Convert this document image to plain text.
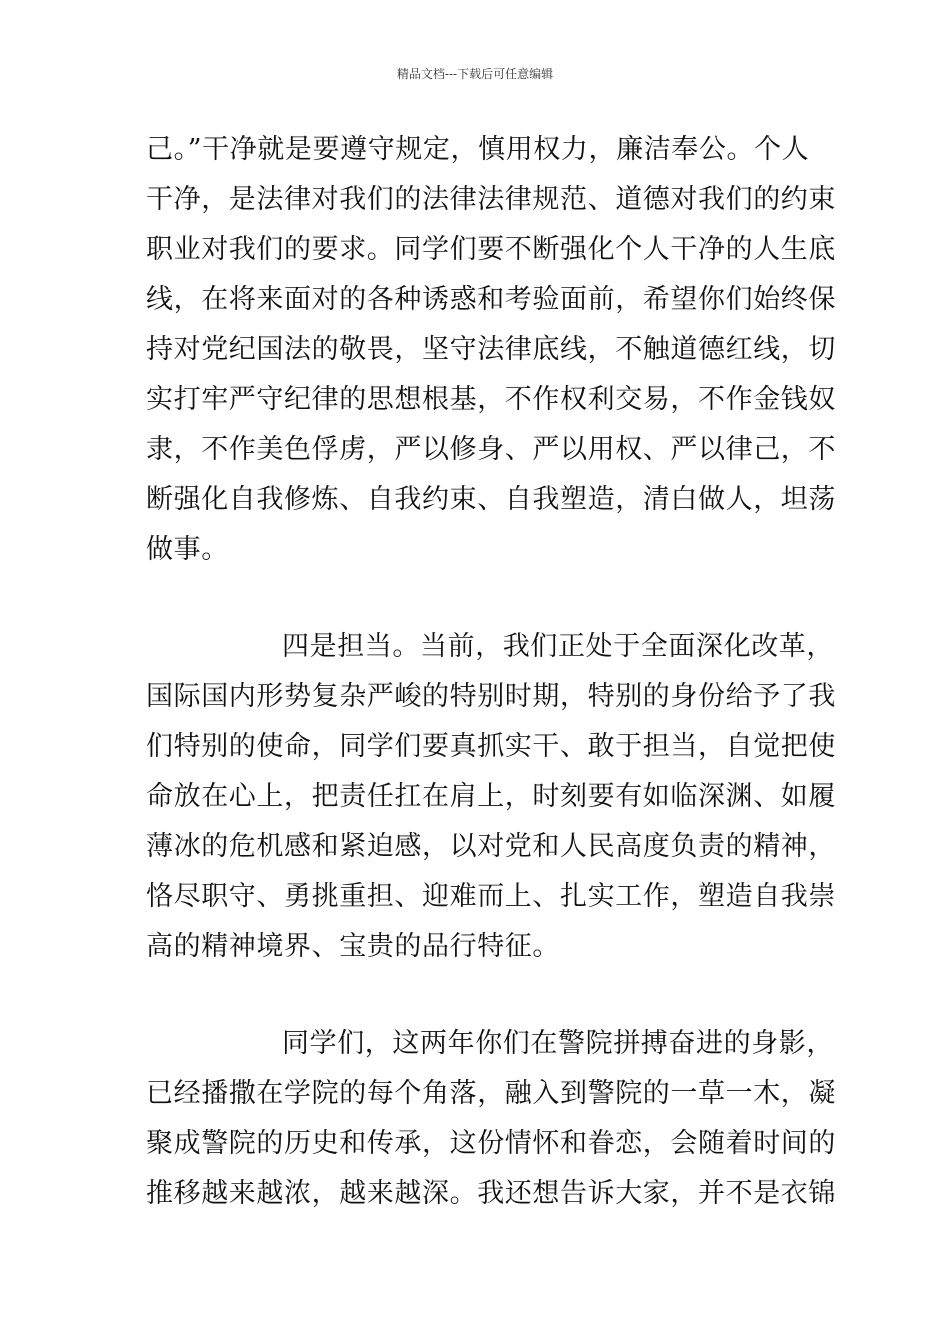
精品文档---下载后可任意编辑
己。”干净就是要遵守规定，慎用权力，廉洁奉公。个人
干净，是法律对我们的法律法律规范、道德对我们的约束
职业对我们的要求。同学们要不断强化个人干净的人生底
线，在将来面对的各种诱惑和考验面前，希望你们始终保
持对党纪国法的敬畏，坚守法律底线，不触道德红线，切
实打牢严守纪律的思想根基，不作权利交易，不作金钱奴
隶，不作美色俘虏，严以修身、严以用权、严以律己，不
断强化自我修炼、自我约束、自我塑造，清白做人，坦荡
做事。
四是担当。当前，我们正处于全面深化改革，
国际国内形势复杂严峻的特别时期，特别的身份给予了我
们特别的使命，同学们要真抓实干、敢于担当，自觉把使
命放在心上，把责任扛在肩上，时刻要有如临深渊、如履
薄冰的危机感和紧迫感，以对党和人民高度负责的精神，
恪尽职守、勇挑重担、迎难而上、扎实工作，塑造自我崇
高的精神境界、宝贵的品行特征。
同学们，这两年你们在警院拼搏奋进的身影，
已经播撒在学院的每个角落，融入到警院的一草一木，凝
聚成警院的历史和传承，这份情怀和眷恋，会随着时间的
推移越来越浓，越来越深。我还想告诉大家，并不是衣锦
